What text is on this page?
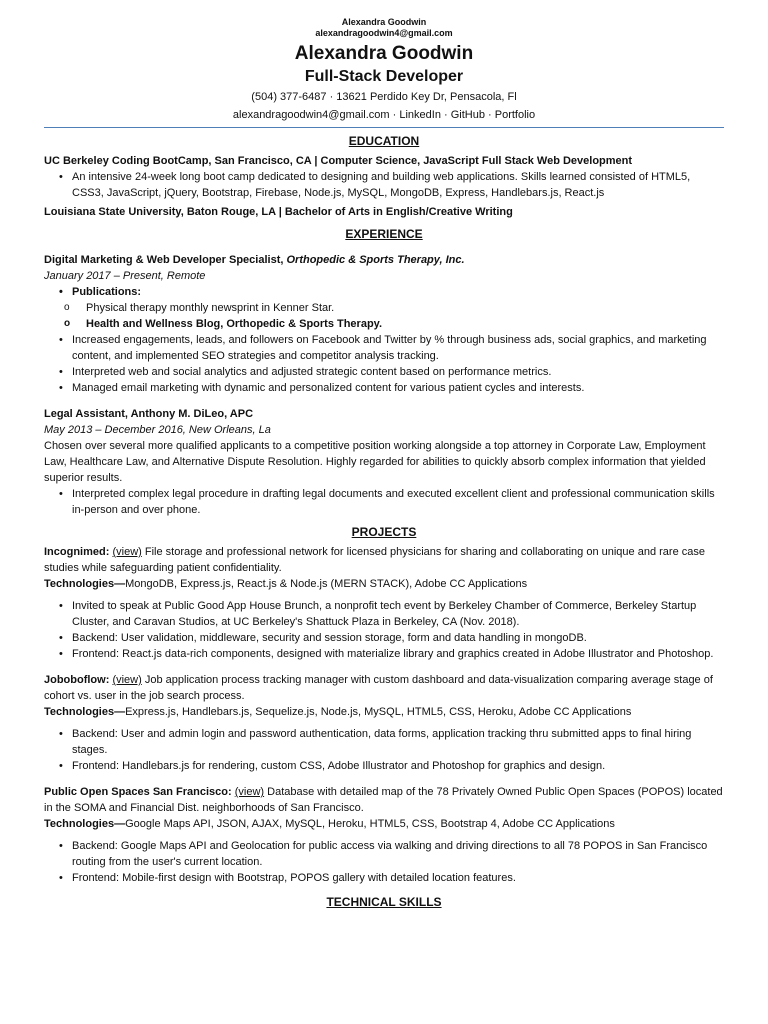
Alexandra Goodwin
alexandragoodwin4@gmail.com
Alexandra Goodwin
Full-Stack Developer
(504) 377-6487 · 13621 Perdido Key Dr, Pensacola, Fl
alexandragoodwin4@gmail.com · LinkedIn · GitHub · Portfolio
EDUCATION
UC Berkeley Coding BootCamp, San Francisco, CA | Computer Science, JavaScript Full Stack Web Development
• An intensive 24-week long boot camp dedicated to designing and building web applications. Skills learned consisted of HTML5, CSS3, JavaScript, jQuery, Bootstrap, Firebase, Node.js, MySQL, MongoDB, Express, Handlebars.js, React.js
Louisiana State University, Baton Rouge, LA | Bachelor of Arts in English/Creative Writing
EXPERIENCE
Digital Marketing & Web Developer Specialist, Orthopedic & Sports Therapy, Inc.
January 2017 – Present, Remote
• Publications:
o Physical therapy monthly newsprint in Kenner Star.
o Health and Wellness Blog, Orthopedic & Sports Therapy.
• Increased engagements, leads, and followers on Facebook and Twitter by % through business ads, social graphics, and marketing content, and implemented SEO strategies and competitor analysis tracking.
• Interpreted web and social analytics and adjusted strategic content based on performance metrics.
• Managed email marketing with dynamic and personalized content for various patient cycles and interests.
Legal Assistant, Anthony M. DiLeo, APC
May 2013 – December 2016, New Orleans, La
Chosen over several more qualified applicants to a competitive position working alongside a top attorney in Corporate Law, Employment Law, Healthcare Law, and Alternative Dispute Resolution. Highly regarded for abilities to quickly absorb complex information that yielded superior results.
• Interpreted complex legal procedure in drafting legal documents and executed excellent client and professional communication skills in-person and over phone.
PROJECTS
Incognimed: (view) File storage and professional network for licensed physicians for sharing and collaborating on unique and rare case studies while safeguarding patient confidentiality.
Technologies—MongoDB, Express.js, React.js & Node.js (MERN STACK), Adobe CC Applications
• Invited to speak at Public Good App House Brunch, a nonprofit tech event by Berkeley Chamber of Commerce, Berkeley Startup Cluster, and Caravan Studios, at UC Berkeley's Shattuck Plaza in Berkeley, CA (Nov. 2018).
• Backend: User validation, middleware, security and session storage, form and data handling in mongoDB.
• Frontend: React.js data-rich components, designed with materialize library and graphics created in Adobe Illustrator and Photoshop.
Joboboflow: (view) Job application process tracking manager with custom dashboard and data-visualization comparing average stage of cohort vs. user in the job search process.
Technologies—Express.js, Handlebars.js, Sequelize.js, Node.js, MySQL, HTML5, CSS, Heroku, Adobe CC Applications
• Backend: User and admin login and password authentication, data forms, application tracking thru submitted apps to final hiring stages.
• Frontend: Handlebars.js for rendering, custom CSS, Adobe Illustrator and Photoshop for graphics and design.
Public Open Spaces San Francisco: (view) Database with detailed map of the 78 Privately Owned Public Open Spaces (POPOS) located in the SOMA and Financial Dist. neighborhoods of San Francisco.
Technologies—Google Maps API, JSON, AJAX, MySQL, Heroku, HTML5, CSS, Bootstrap 4, Adobe CC Applications
• Backend: Google Maps API and Geolocation for public access via walking and driving directions to all 78 POPOS in San Francisco routing from the user's current location.
• Frontend: Mobile-first design with Bootstrap, POPOS gallery with detailed location features.
TECHNICAL SKILLS
